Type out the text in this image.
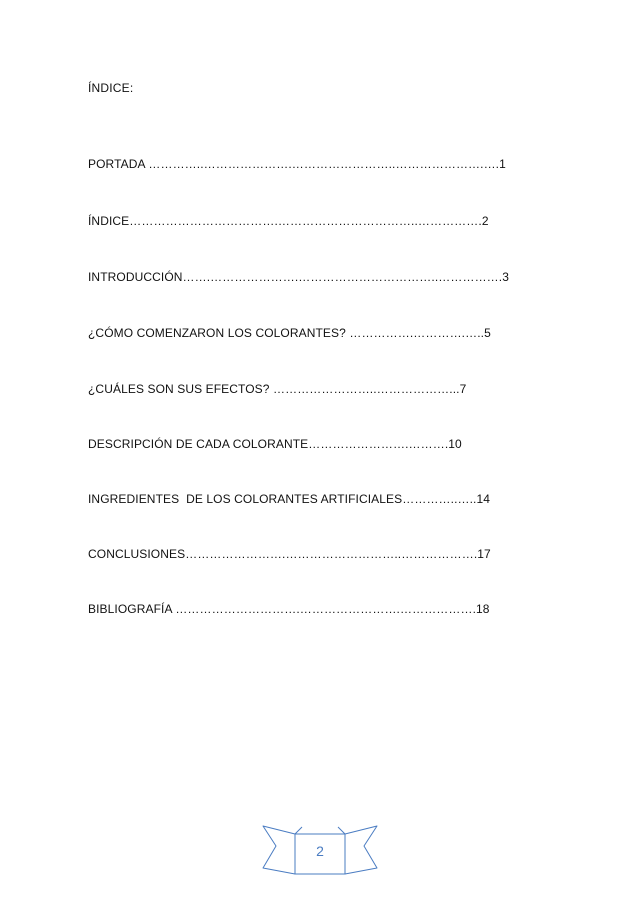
ÍNDICE:
PORTADA …………..………………….……………………..………………….….1
ÍNDICE……………………………….……………………………..…………….2
INTRODUCCIÓN…….………………….……………………………..…………….3
¿CÓMO COMENZARON LOS COLORANTES? …………….………….…..5
¿CUÁLES SON SUS EFECTOS? ……………………..………………...7
DESCRIPCIÓN DE CADA COLORANTE…………………….……….10
INGREDIENTES  DE LOS COLORANTES ARTIFICIALES…………..…..14
CONCLUSIONES…………………….………………………..……………….17
BIBLIOGRAFÍA ………………………….…………………….……………….18
2
